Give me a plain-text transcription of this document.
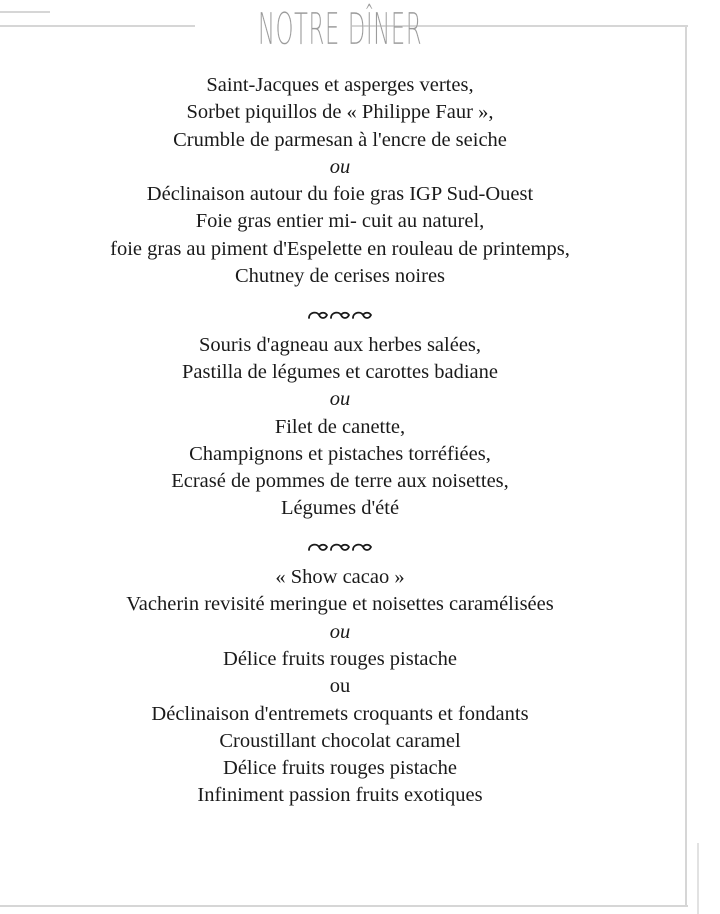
NOTRE DÎNER
Saint-Jacques et asperges vertes,
Sorbet piquillos de « Philippe Faur »,
Crumble de parmesan à l'encre de seiche
ou
Déclinaison autour du foie gras IGP Sud-Ouest
Foie gras entier mi- cuit au naturel,
foie gras au piment d'Espelette en rouleau de printemps,
Chutney de cerises noires
Souris d'agneau aux herbes salées,
Pastilla de légumes et carottes badiane
ou
Filet de canette,
Champignons et pistaches torréfiées,
Ecrasé de pommes de terre aux noisettes,
Légumes d'été
« Show cacao »
Vacherin revisité meringue et noisettes caramélisées
ou
Délice fruits rouges pistache
ou
Déclinaison d'entremets croquants et fondants
Croustillant chocolat caramel
Délice fruits rouges pistache
Infiniment passion fruits exotiques
